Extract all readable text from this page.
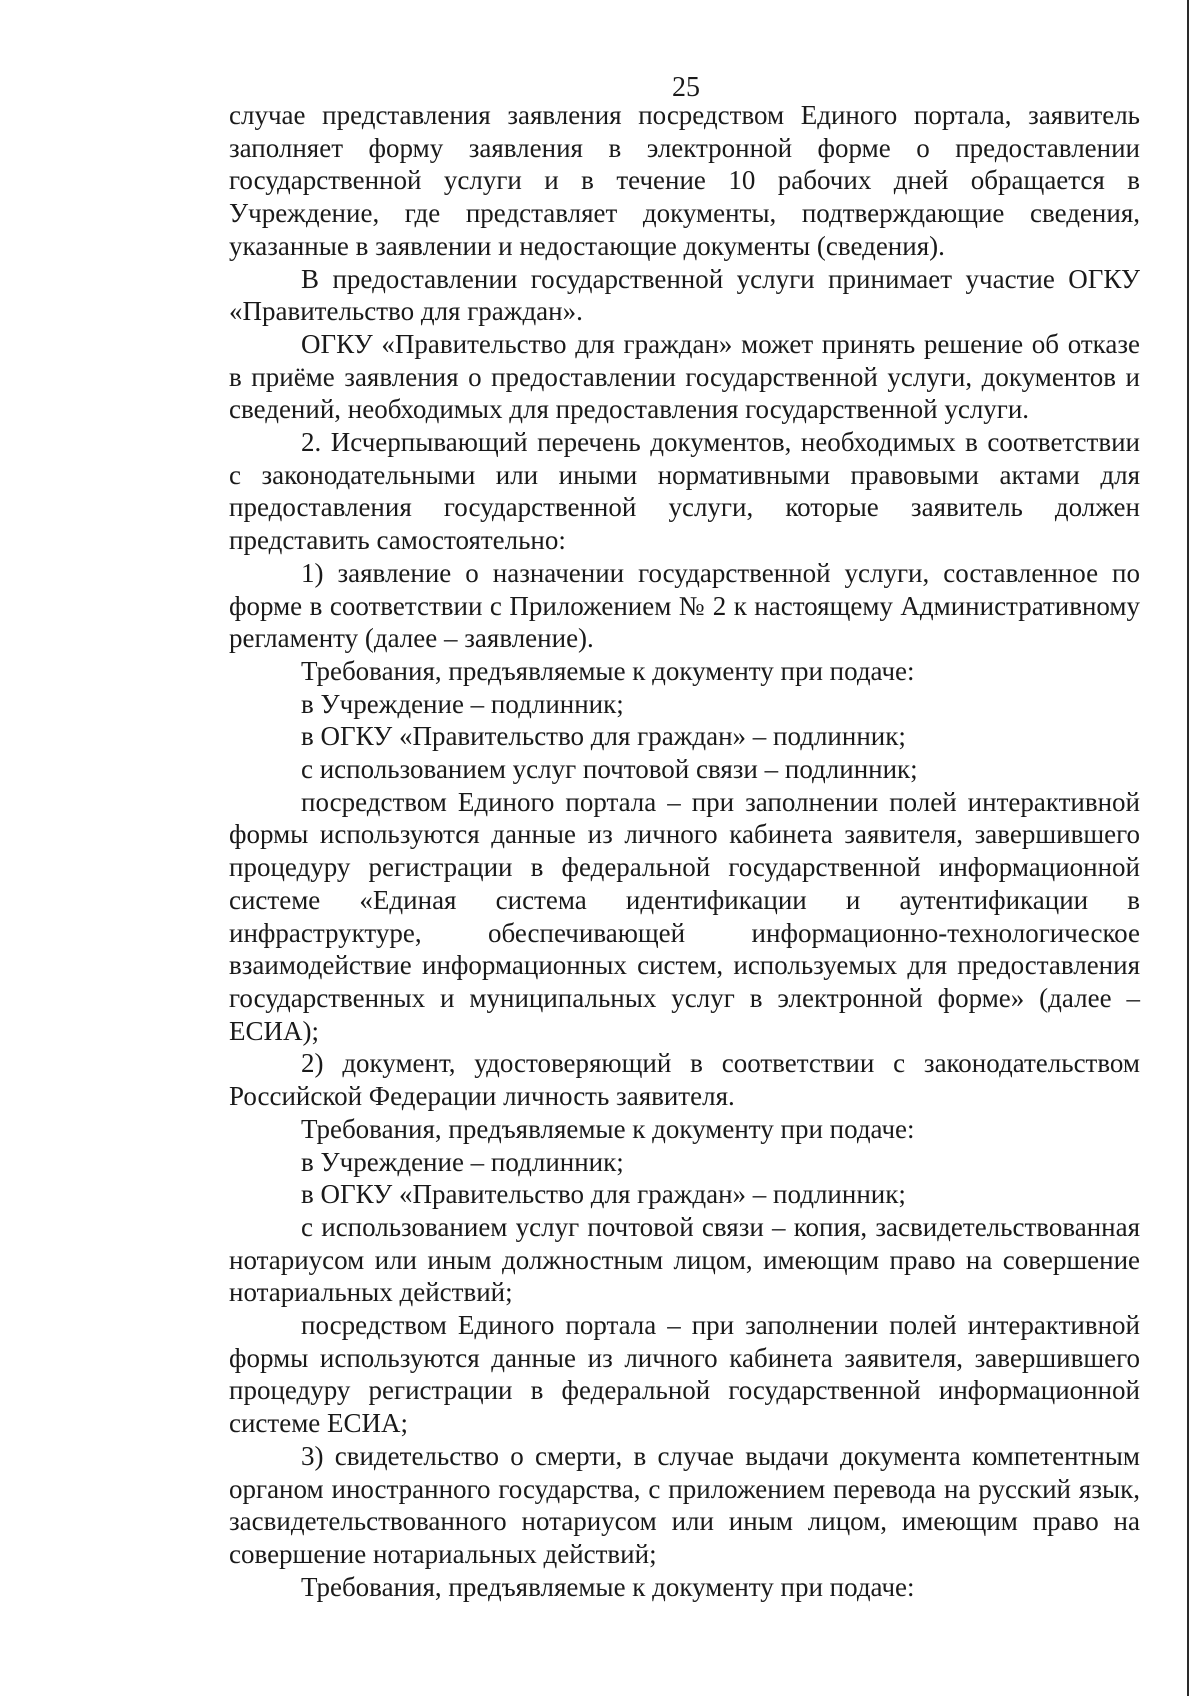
25

случае представления заявления посредством Единого портала, заявитель заполняет форму заявления в электронной форме о предоставлении государственной услуги и в течение 10 рабочих дней обращается в Учреждение, где представляет документы, подтверждающие сведения, указанные в заявлении и недостающие документы (сведения).

В предоставлении государственной услуги принимает участие ОГКУ «Правительство для граждан».

ОГКУ «Правительство для граждан» может принять решение об отказе в приёме заявления о предоставлении государственной услуги, документов и сведений, необходимых для предоставления государственной услуги.

2. Исчерпывающий перечень документов, необходимых в соответствии с законодательными или иными нормативными правовыми актами для предоставления государственной услуги, которые заявитель должен представить самостоятельно:

1) заявление о назначении государственной услуги, составленное по форме в соответствии с Приложением № 2 к настоящему Административному регламенту (далее – заявление).

Требования, предъявляемые к документу при подаче:

в Учреждение – подлинник;

в ОГКУ «Правительство для граждан» – подлинник;

с использованием услуг почтовой связи – подлинник;

посредством Единого портала – при заполнении полей интерактивной формы используются данные из личного кабинета заявителя, завершившего процедуру регистрации в федеральной государственной информационной системе «Единая система идентификации и аутентификации в инфраструктуре, обеспечивающей информационно-технологическое взаимодействие информационных систем, используемых для предоставления государственных и муниципальных услуг в электронной форме» (далее – ЕСИА);

2) документ, удостоверяющий в соответствии с законодательством Российской Федерации личность заявителя.

Требования, предъявляемые к документу при подаче:

в Учреждение – подлинник;

в ОГКУ «Правительство для граждан» – подлинник;

с использованием услуг почтовой связи – копия, засвидетельствованная нотариусом или иным должностным лицом, имеющим право на совершение нотариальных действий;

посредством Единого портала – при заполнении полей интерактивной формы используются данные из личного кабинета заявителя, завершившего процедуру регистрации в федеральной государственной информационной системе ЕСИА;

3) свидетельство о смерти, в случае выдачи документа компетентным органом иностранного государства, с приложением перевода на русский язык, засвидетельствованного нотариусом или иным лицом, имеющим право на совершение нотариальных действий;

Требования, предъявляемые к документу при подаче:
